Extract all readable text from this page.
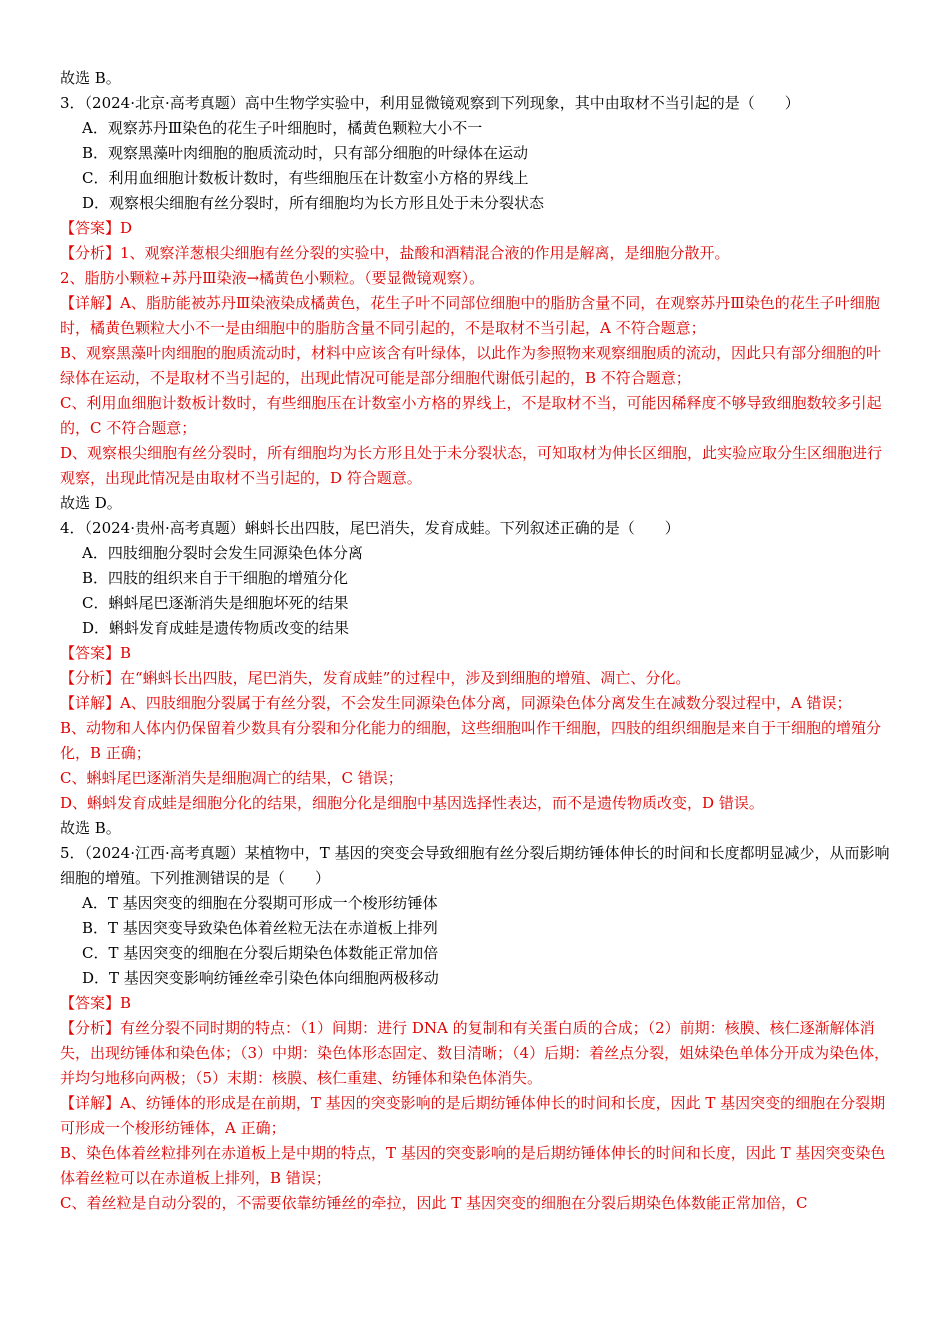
故选 B。
3．（2024·北京·高考真题）高中生物学实验中，利用显微镜观察到下列现象，其中由取材不当引起的是（　　）
A．观察苏丹Ⅲ染色的花生子叶细胞时，橘黄色颗粒大小不一
B．观察黑藻叶肉细胞的胞质流动时，只有部分细胞的叶绿体在运动
C．利用血细胞计数板计数时，有些细胞压在计数室小方格的界线上
D．观察根尖细胞有丝分裂时，所有细胞均为长方形且处于未分裂状态
【答案】D
【分析】1、观察洋葱根尖细胞有丝分裂的实验中，盐酸和酒精混合液的作用是解离，是细胞分散开。
2、脂肪小颗粒+苏丹Ⅲ染液→橘黄色小颗粒。（要显微镜观察）。
【详解】A、脂肪能被苏丹Ⅲ染液染成橘黄色，花生子叶不同部位细胞中的脂肪含量不同，在观察苏丹Ⅲ染色的花生子叶细胞时，橘黄色颗粒大小不一是由细胞中的脂肪含量不同引起的，不是取材不当引起，A 不符合题意；
B、观察黑藻叶肉细胞的胞质流动时，材料中应该含有叶绿体，以此作为参照物来观察细胞质的流动，因此只有部分细胞的叶绿体在运动，不是取材不当引起的，出现此情况可能是部分细胞代谢低引起的，B 不符合题意；
C、利用血细胞计数板计数时，有些细胞压在计数室小方格的界线上，不是取材不当，可能因稀释度不够导致细胞数较多引起的，C 不符合题意；
D、观察根尖细胞有丝分裂时，所有细胞均为长方形且处于未分裂状态，可知取材为伸长区细胞，此实验应取分生区细胞进行观察，出现此情况是由取材不当引起的，D 符合题意。
故选 D。
4．（2024·贵州·高考真题）蝌蚪长出四肢，尾巴消失，发育成蛙。下列叙述正确的是（　　）
A．四肢细胞分裂时会发生同源染色体分离
B．四肢的组织来自于干细胞的增殖分化
C．蝌蚪尾巴逐渐消失是细胞坏死的结果
D．蝌蚪发育成蛙是遗传物质改变的结果
【答案】B
【分析】在“蝌蚪长出四肢，尾巴消失，发育成蛙”的过程中，涉及到细胞的增殖、凋亡、分化。
【详解】A、四肢细胞分裂属于有丝分裂，不会发生同源染色体分离，同源染色体分离发生在减数分裂过程中，A 错误；
B、动物和人体内仍保留着少数具有分裂和分化能力的细胞，这些细胞叫作干细胞，四肢的组织细胞是来自于干细胞的增殖分化，B 正确；
C、蝌蚪尾巴逐渐消失是细胞凋亡的结果，C 错误；
D、蝌蚪发育成蛙是细胞分化的结果，细胞分化是细胞中基因选择性表达，而不是遗传物质改变，D 错误。
故选 B。
5．（2024·江西·高考真题）某植物中，T 基因的突变会导致细胞有丝分裂后期纺锤体伸长的时间和长度都明显减少，从而影响细胞的增殖。下列推测错误的是（　　）
A．T 基因突变的细胞在分裂期可形成一个梭形纺锤体
B．T 基因突变导致染色体着丝粒无法在赤道板上排列
C．T 基因突变的细胞在分裂后期染色体数能正常加倍
D．T 基因突变影响纺锤丝牵引染色体向细胞两极移动
【答案】B
【分析】有丝分裂不同时期的特点：（1）间期：进行 DNA 的复制和有关蛋白质的合成；（2）前期：核膜、核仁逐渐解体消失，出现纺锤体和染色体；（3）中期：染色体形态固定、数目清晰；（4）后期：着丝点分裂，姐妹染色单体分开成为染色体，并均匀地移向两极；（5）末期：核膜、核仁重建、纺锤体和染色体消失。
【详解】A、纺锤体的形成是在前期，T 基因的突变影响的是后期纺锤体伸长的时间和长度，因此 T 基因突变的细胞在分裂期可形成一个梭形纺锤体，A 正确；
B、染色体着丝粒排列在赤道板上是中期的特点，T 基因的突变影响的是后期纺锤体伸长的时间和长度，因此 T 基因突变染色体着丝粒可以在赤道板上排列，B 错误；
C、着丝粒是自动分裂的，不需要依靠纺锤丝的牵拉，因此 T 基因突变的细胞在分裂后期染色体数能正常加倍，C
